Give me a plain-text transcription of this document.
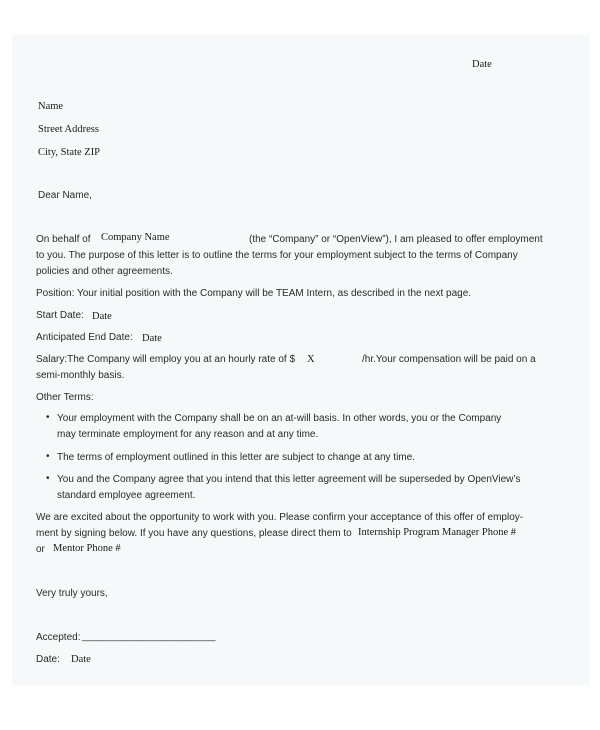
Date
Name
Street Address
City, State ZIP
Dear Name,
On behalf of Company Name	(the “Company” or “OpenView”), I am pleased to offer employment
to you. The purpose of this letter is to outline the terms for your employment subject to the terms of Company
policies and other agreements.
Position: Your initial position with the Company will be TEAM Intern, as described in the next page.
Start Date: Date
Anticipated End Date: Date
Salary:The Company will employ you at an hourly rate of $ X	/hr.Your compensation will be paid on a
semi-monthly basis.
Other Terms:
• Your employment with the Company shall be on an at-will basis. In other words, you or the Company
may terminate employment for any reason and at any time.
• The terms of employment outlined in this letter are subject to change at any time.
• You and the Company agree that you intend that this letter agreement will be superseded by OpenView’s
standard employee agreement.
We are excited about the opportunity to work with you. Please confirm your acceptance of this offer of employ-
ment by signing below. If you have any questions, please direct them to Internship Program Manager Phone #
or Mentor Phone #
Very truly yours,
Accepted: ________________________
Date: Date
